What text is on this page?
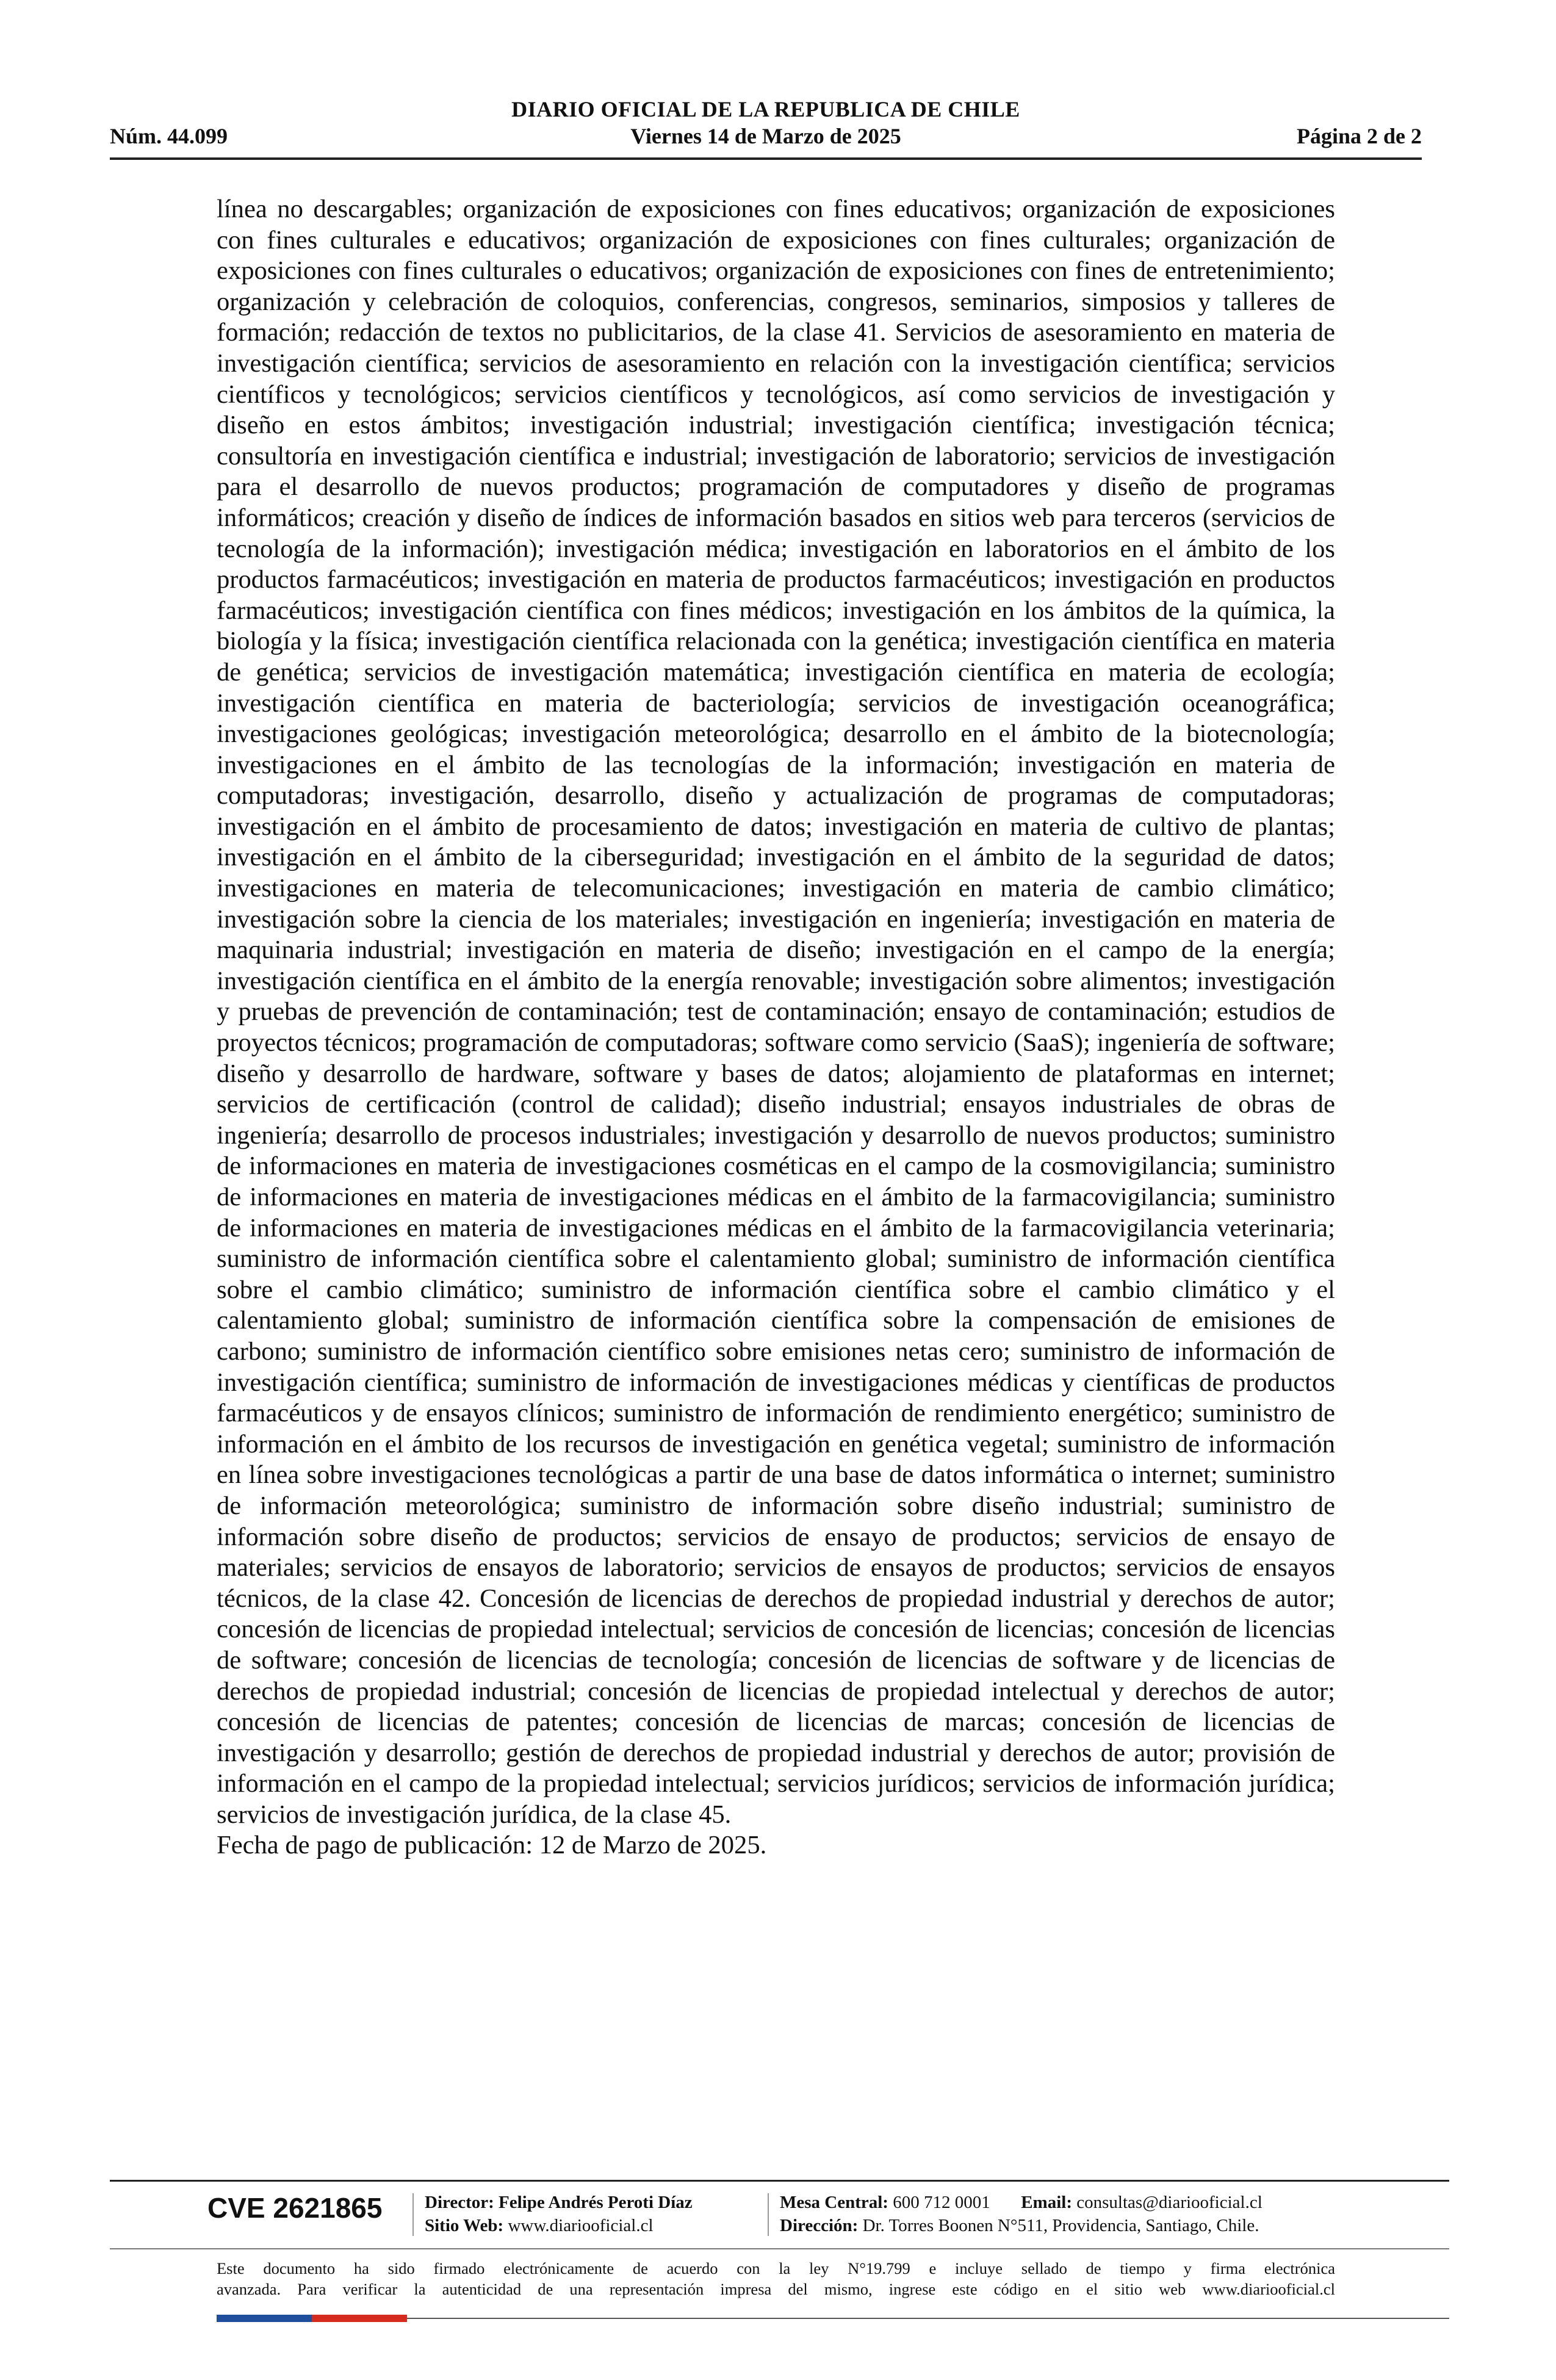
DIARIO OFICIAL DE LA REPUBLICA DE CHILE
Núm. 44.099	Viernes 14 de Marzo de 2025	Página 2 de 2

línea no descargables; organización de exposiciones con fines educativos; organización de exposiciones con fines culturales e educativos; organización de exposiciones con fines culturales; organización de exposiciones con fines culturales o educativos; organización de exposiciones con fines de entretenimiento; organización y celebración de coloquios, conferencias, congresos, seminarios, simposios y talleres de formación; redacción de textos no publicitarios, de la clase 41. Servicios de asesoramiento en materia de investigación científica; servicios de asesoramiento en relación con la investigación científica; servicios científicos y tecnológicos; servicios científicos y tecnológicos, así como servicios de investigación y diseño en estos ámbitos; investigación industrial; investigación científica; investigación técnica; consultoría en investigación científica e industrial; investigación de laboratorio; servicios de investigación para el desarrollo de nuevos productos; programación de computadores y diseño de programas informáticos; creación y diseño de índices de información basados en sitios web para terceros (servicios de tecnología de la información); investigación médica; investigación en laboratorios en el ámbito de los productos farmacéuticos; investigación en materia de productos farmacéuticos; investigación en productos farmacéuticos; investigación científica con fines médicos; investigación en los ámbitos de la química, la biología y la física; investigación científica relacionada con la genética; investigación científica en materia de genética; servicios de investigación matemática; investigación científica en materia de ecología; investigación científica en materia de bacteriología; servicios de investigación oceanográfica; investigaciones geológicas; investigación meteorológica; desarrollo en el ámbito de la biotecnología; investigaciones en el ámbito de las tecnologías de la información; investigación en materia de computadoras; investigación, desarrollo, diseño y actualización de programas de computadoras; investigación en el ámbito de procesamiento de datos; investigación en materia de cultivo de plantas; investigación en el ámbito de la ciberseguridad; investigación en el ámbito de la seguridad de datos; investigaciones en materia de telecomunicaciones; investigación en materia de cambio climático; investigación sobre la ciencia de los materiales; investigación en ingeniería; investigación en materia de maquinaria industrial; investigación en materia de diseño; investigación en el campo de la energía; investigación científica en el ámbito de la energía renovable; investigación sobre alimentos; investigación y pruebas de prevención de contaminación; test de contaminación; ensayo de contaminación; estudios de proyectos técnicos; programación de computadoras; software como servicio (SaaS); ingeniería de software; diseño y desarrollo de hardware, software y bases de datos; alojamiento de plataformas en internet; servicios de certificación (control de calidad); diseño industrial; ensayos industriales de obras de ingeniería; desarrollo de procesos industriales; investigación y desarrollo de nuevos productos; suministro de informaciones en materia de investigaciones cosméticas en el campo de la cosmovigilancia; suministro de informaciones en materia de investigaciones médicas en el ámbito de la farmacovigilancia; suministro de informaciones en materia de investigaciones médicas en el ámbito de la farmacovigilancia veterinaria; suministro de información científica sobre el calentamiento global; suministro de información científica sobre el cambio climático; suministro de información científica sobre el cambio climático y el calentamiento global; suministro de información científica sobre la compensación de emisiones de carbono; suministro de información científico sobre emisiones netas cero; suministro de información de investigación científica; suministro de información de investigaciones médicas y científicas de productos farmacéuticos y de ensayos clínicos; suministro de información de rendimiento energético; suministro de información en el ámbito de los recursos de investigación en genética vegetal; suministro de información en línea sobre investigaciones tecnológicas a partir de una base de datos informática o internet; suministro de información meteorológica; suministro de información sobre diseño industrial; suministro de información sobre diseño de productos; servicios de ensayo de productos; servicios de ensayo de materiales; servicios de ensayos de laboratorio; servicios de ensayos de productos; servicios de ensayos técnicos, de la clase 42. Concesión de licencias de derechos de propiedad industrial y derechos de autor; concesión de licencias de propiedad intelectual; servicios de concesión de licencias; concesión de licencias de software; concesión de licencias de tecnología; concesión de licencias de software y de licencias de derechos de propiedad industrial; concesión de licencias de propiedad intelectual y derechos de autor; concesión de licencias de patentes; concesión de licencias de marcas; concesión de licencias de investigación y desarrollo; gestión de derechos de propiedad industrial y derechos de autor; provisión de información en el campo de la propiedad intelectual; servicios jurídicos; servicios de información jurídica; servicios de investigación jurídica, de la clase 45.

Fecha de pago de publicación: 12 de Marzo de 2025.

CVE 2621865	Director: Felipe Andrés Peroti Díaz
Sitio Web: www.diariooficial.cl
Mesa Central: 600 712 0001 Email: consultas@diariooficial.cl
Dirección: Dr. Torres Boonen N°511, Providencia, Santiago, Chile.
Este documento ha sido firmado electrónicamente de acuerdo con la ley N°19.799 e incluye sellado de tiempo y firma electrónica
avanzada. Para verificar la autenticidad de una representación impresa del mismo, ingrese este código en el sitio web www.diariooficial.cl
